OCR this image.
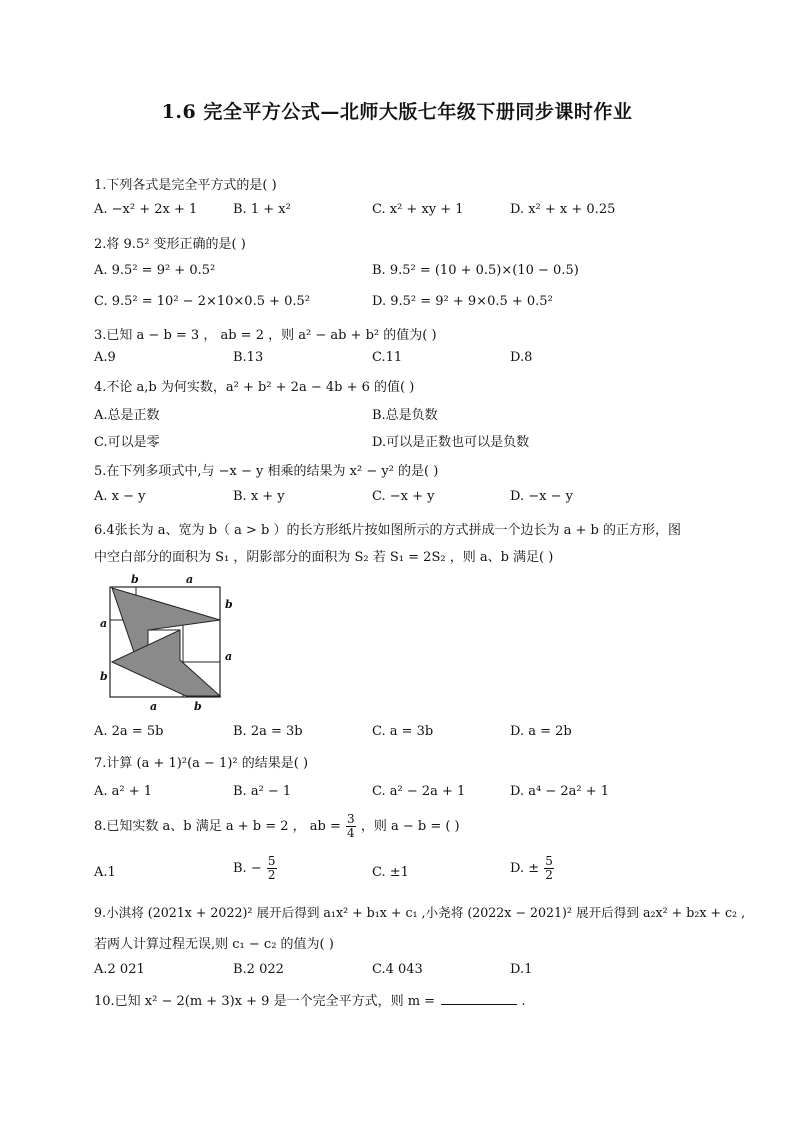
1.6 完全平方公式—北师大版七年级下册同步课时作业
1.下列各式是完全平方式的是( )
A. −x² + 2x + 1	B. 1 + x²	C. x² + xy + 1	D. x² + x + 0.25
2.将 9.5² 变形正确的是( )
A. 9.5² = 9² + 0.5²	B. 9.5² = (10 + 0.5)×(10 − 0.5)
C. 9.5² = 10² − 2×10×0.5 + 0.5²	D. 9.5² = 9² + 9×0.5 + 0.5²
3.已知 a − b = 3 ， ab = 2 ，则 a² − ab + b² 的值为( )
A.9	B.13	C.11	D.8
4.不论 a,b 为何实数，a² + b² + 2a − 4b + 6 的值( )
A.总是正数	B.总是负数
C.可以是零	D.可以是正数也可以是负数
5.在下列多项式中,与 −x − y 相乘的结果为 x² − y² 的是( )
A. x − y	B. x + y	C. −x + y	D. −x − y
6.4张长为 a、宽为 b（ a > b ）的长方形纸片按如图所示的方式拼成一个边长为 a + b 的正方形，图
中空白部分的面积为 S₁ ，阴影部分的面积为 S₂ 若 S₁ = 2S₂ ，则 a、b 满足( )
b	a
b
a
a
b
a	b
A. 2a = 5b	B. 2a = 3b	C. a = 3b	D. a = 2b
7.计算 (a + 1)²(a − 1)² 的结果是( )
A. a² + 1	B. a² − 1	C. a² − 2a + 1	D. a⁴ − 2a² + 1
8.已知实数 a、b 满足 a + b = 2 ， ab = $\frac{3}{4}$ ，则 a − b = ( )
A.1	B. − $\frac{5}{2}$	C. ±1	D. ± $\frac{5}{2}$
9.小淇将 (2021x + 2022)² 展开后得到 a₁x² + b₁x + c₁ ,小尧将 (2022x − 2021)² 展开后得到 a₂x² + b₂x + c₂ ,
若两人计算过程无误,则 c₁ − c₂ 的值为( )
A.2 021	B.2 022	C.4 043	D.1
10.已知 x² − 2(m + 3)x + 9 是一个完全平方式，则 m =	.
